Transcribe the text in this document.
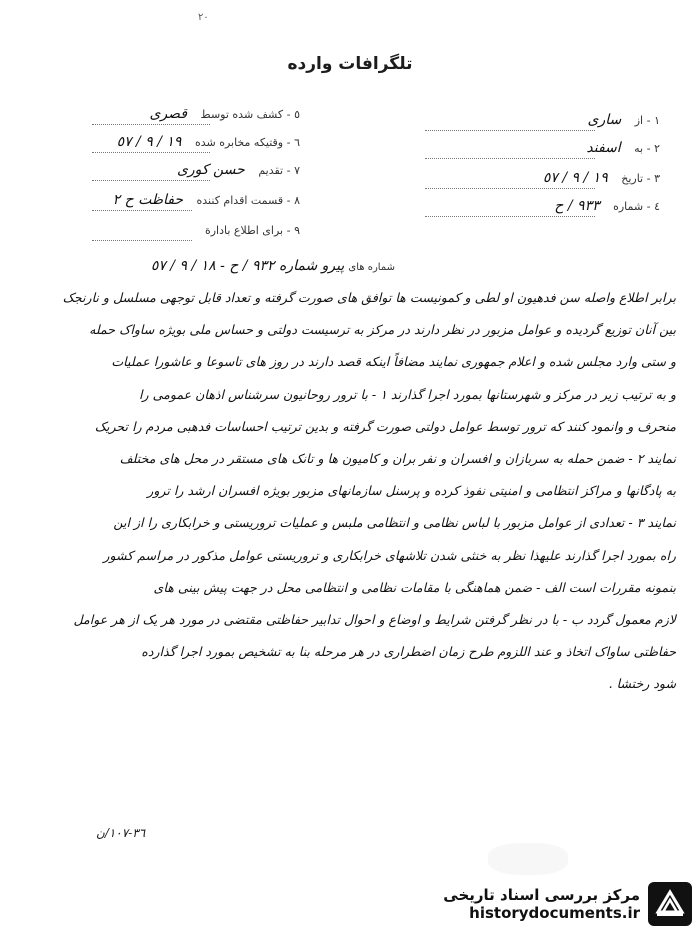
٢٠
تلگرافات وارده
١ - از ساری
٢ - به اسفند
٣ - تاریخ ١٩ / ٩ / ٥٧
٤ - شماره ٩٣٣ / ح
٥ - کشف شده توسط قصری
٦ - وقتیکه مخابره شده ١٩ / ٩ / ٥٧
٧ - تقدیم حسن کوری
٨ - قسمت اقدام کننده حفاظت ح ٢
٩ - برای اطلاع بادارة
شماره های پیرو شماره ٩٣٢ / ح - ١٨ / ٩ / ٥٧
برابر اطلاع واصله سن فدهیون او لطی و کمونیست ها توافق های صورت گرفته و تعداد قابل توجهی مسلسل و نارنجک
بین آنان توزیع گردیده و عوامل مزبور در نظر دارند در مرکز به ترسیست دولتی و حساس ملی بویژه ساواک حمله
و ستی وارد مجلس شده و اعلام جمهوری نمایند مضافاً اینکه قصد دارند در روز های تاسوعا و عاشورا عملیات
و به ترتیب زیر در مرکز و شهرستانها بمورد اجرا گذارند ١ - با ترور روحانیون سرشناس اذهان عمومی را
منحرف و وانمود کنند که ترور توسط عوامل دولتی صورت گرفته و بدین ترتیب احساسات فدهبی مردم را تحریک
نمایند ٢ - ضمن حمله به سربازان و افسران و نفر بران و کامیون ها و تانک های مستقر در محل های مختلف
به پادگانها و مراکز انتظامی و امنیتی نفوذ کرده و پرسنل سازمانهای مزبور بویژه افسران ارشد را ترور
نمایند ٣ - تعدادی از عوامل مزبور با لباس نظامی و انتظامی ملبس و عملیات تروریستی و خرابکاری را از این
راه بمورد اجرا گذارند علیهذا نظر به خنثی شدن تلاشهای خرابکاری و تروریستی عوامل مذکور در مراسم کشور
بنمونه مقررات است الف - ضمن هماهنگی با مقامات نظامی و انتظامی محل در جهت پیش بینی های
لازم معمول گردد ب - با در نظر گرفتن شرایط و اوضاع و احوال تدابیر حفاظتی مقتضی در مورد هر یک از هر عوامل
حفاظتی ساواک اتخاذ و عند اللزوم طرح زمان اضطراری در هر مرحله بنا به تشخیص بمورد اجرا گذارده
شود رختشا .
٣٦-١٠٧/ن
مرکز بررسی اسناد تاریخی
historydocuments.ir
